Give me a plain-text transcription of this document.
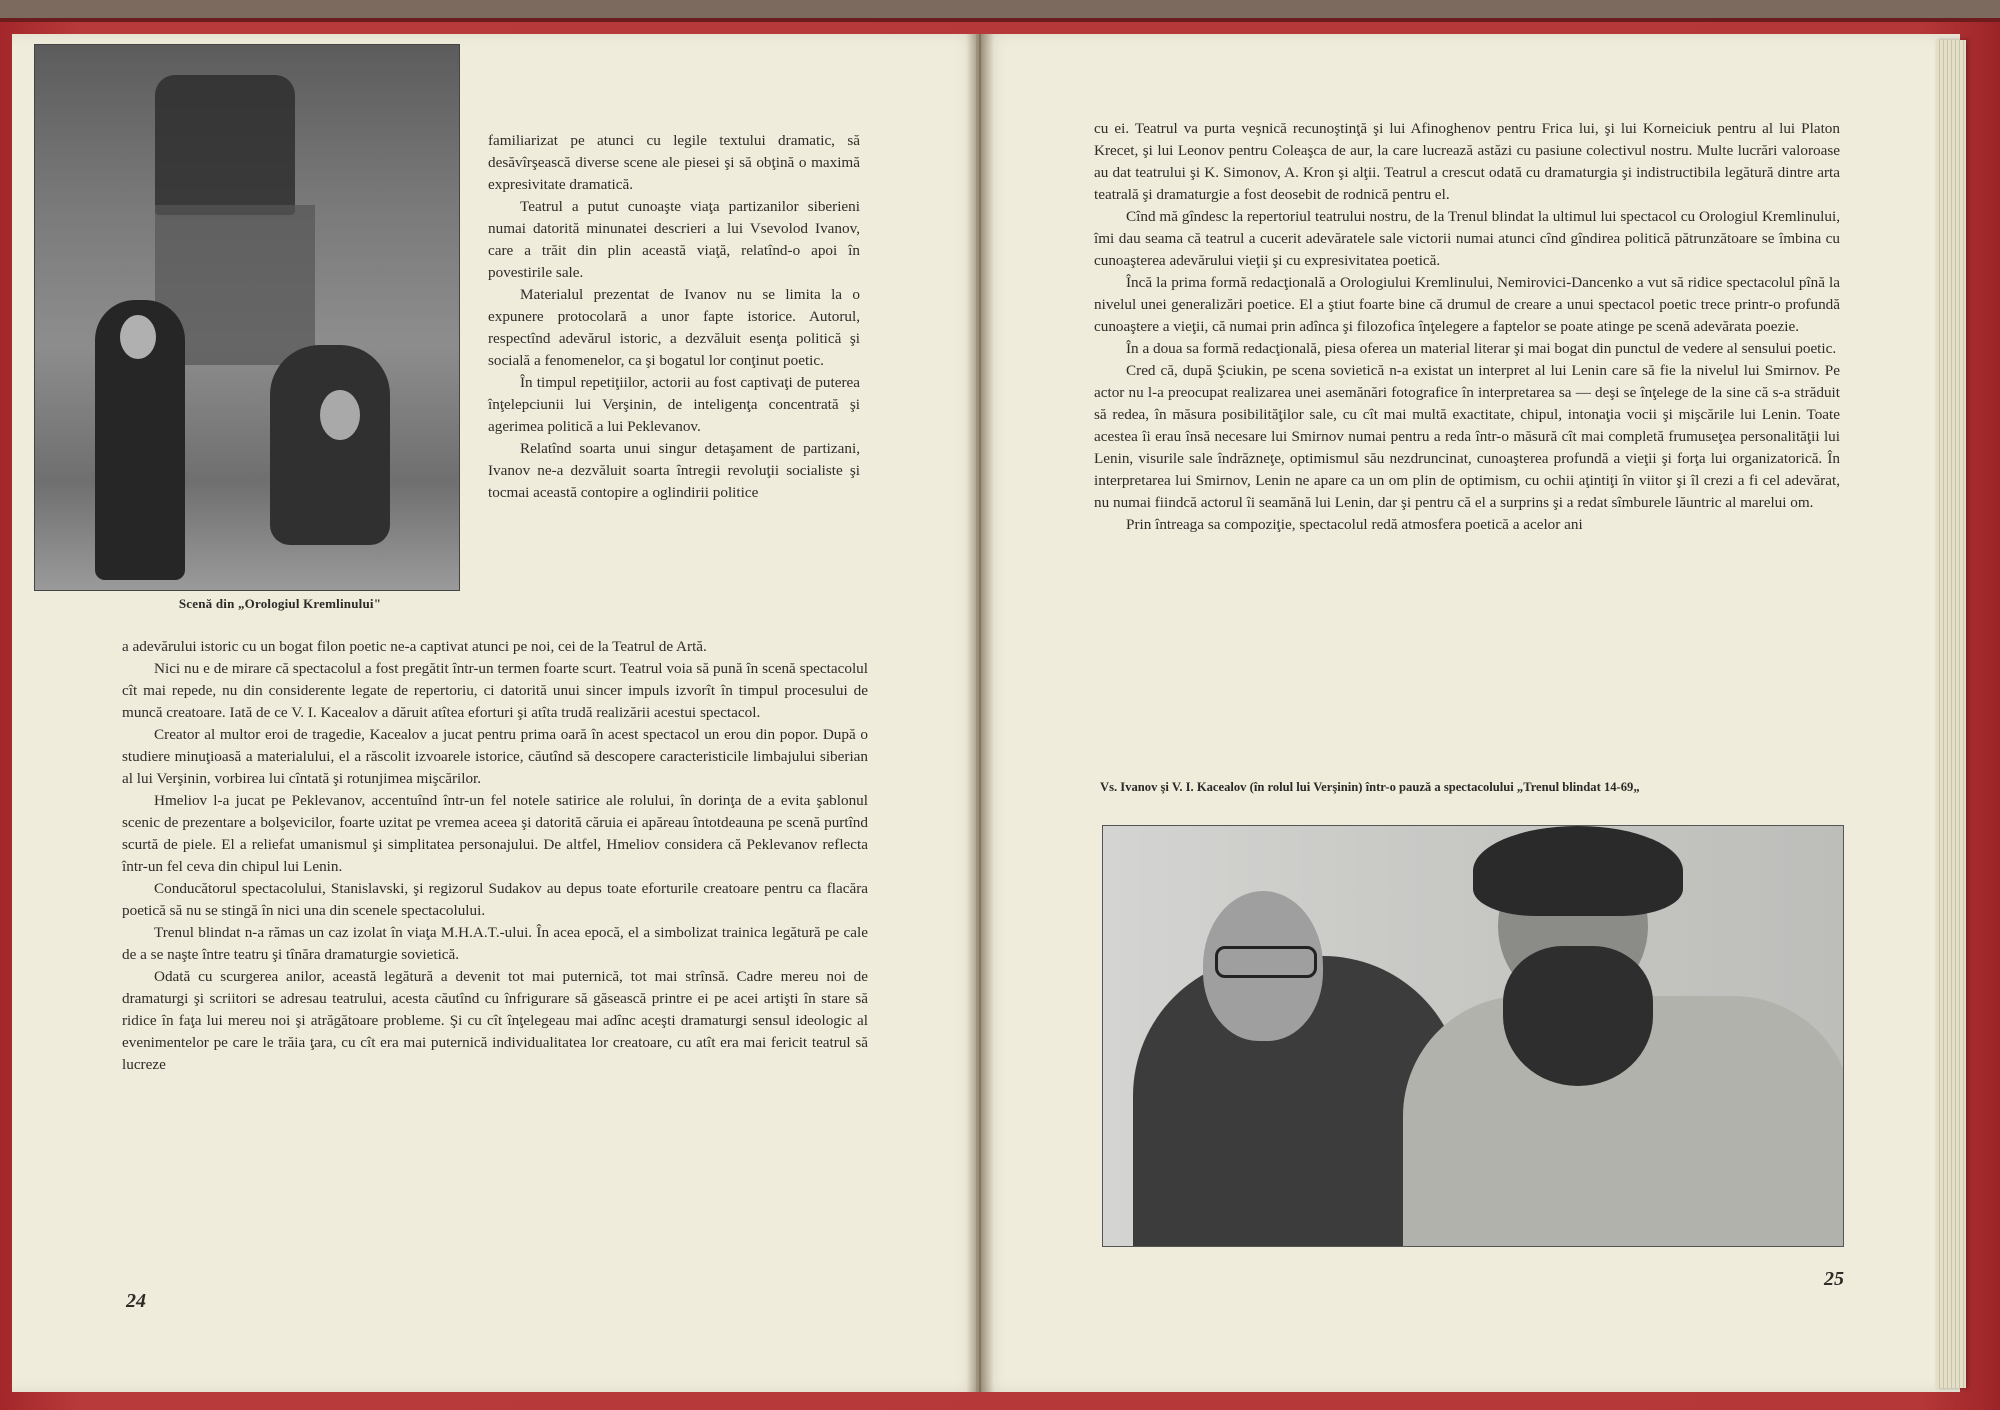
Scenă din „Orologiul Kremlinului"

familiarizat pe atunci cu legile textului dramatic, să desăvîrşească diverse scene ale piesei şi să obţină o maximă expresivitate dramatică.

Teatrul a putut cunoaşte viaţa partizanilor siberieni numai datorită minunatei descrieri a lui Vsevolod Ivanov, care a trăit din plin această viaţă, relatînd-o apoi în povestirile sale.

Materialul prezentat de Ivanov nu se limita la o expunere protocolară a unor fapte istorice. Autorul, respectînd adevărul istoric, a dezvăluit esenţa politică şi socială a fenomenelor, ca şi bogatul lor conţinut poetic.

În timpul repetiţiilor, actorii au fost captivaţi de puterea înţelepciunii lui Verşinin, de inteligenţa concentrată şi agerimea politică a lui Peklevanov.

Relatînd soarta unui singur detaşament de partizani, Ivanov ne-a dezvăluit soarta întregii revoluţii socialiste şi tocmai această contopire a oglindirii politice

a adevărului istoric cu un bogat filon poetic ne-a captivat atunci pe noi, cei de la Teatrul de Artă.

Nici nu e de mirare că spectacolul a fost pregătit într-un termen foarte scurt. Teatrul voia să pună în scenă spectacolul cît mai repede, nu din considerente legate de repertoriu, ci datorită unui sincer impuls izvorît în timpul procesului de muncă creatoare. Iată de ce V. I. Kacealov a dăruit atîtea eforturi şi atîta trudă realizării acestui spectacol.

Creator al multor eroi de tragedie, Kacealov a jucat pentru prima oară în acest spectacol un erou din popor. După o studiere minuţioasă a materialului, el a răscolit izvoarele istorice, căutînd să descopere caracteristicile limbajului siberian al lui Verşinin, vorbirea lui cîntată şi rotunjimea mişcărilor.

Hmeliov l-a jucat pe Peklevanov, accentuînd într-un fel notele satirice ale rolului, în dorinţa de a evita şablonul scenic de prezentare a bolşevicilor, foarte uzitat pe vremea aceea şi datorită căruia ei apăreau întotdeauna pe scenă purtînd scurtă de piele. El a reliefat umanismul şi simplitatea personajului. De altfel, Hmeliov considera că Peklevanov reflecta într-un fel ceva din chipul lui Lenin.

Conducătorul spectacolului, Stanislavski, şi regizorul Sudakov au depus toate eforturile creatoare pentru ca flacăra poetică să nu se stingă în nici una din scenele spectacolului.

Trenul blindat n-a rămas un caz izolat în viaţa M.H.A.T.-ului. În acea epocă, el a simbolizat trainica legătură pe cale de a se naşte între teatru şi tînăra dramaturgie sovietică.

Odată cu scurgerea anilor, această legătură a devenit tot mai puternică, tot mai strînsă. Cadre mereu noi de dramaturgi şi scriitori se adresau teatrului, acesta căutînd cu înfrigurare să găsească printre ei pe acei artişti în stare să ridice în faţa lui mereu noi şi atrăgătoare probleme. Şi cu cît înţelegeau mai adînc aceşti dramaturgi sensul ideologic al evenimentelor pe care le trăia ţara, cu cît era mai puternică individualitatea lor creatoare, cu atît era mai fericit teatrul să lucreze

24

cu ei. Teatrul va purta veşnică recunoştinţă şi lui Afinoghenov pentru Frica lui, şi lui Korneiciuk pentru al lui Platon Krecet, şi lui Leonov pentru Coleaşca de aur, la care lucrează astăzi cu pasiune colectivul nostru. Multe lucrări valoroase au dat teatrului şi K. Simonov, A. Kron şi alţii. Teatrul a crescut odată cu dramaturgia şi indistructibila legătură dintre arta teatrală şi dramaturgie a fost deosebit de rodnică pentru el.

Cînd mă gîndesc la repertoriul teatrului nostru, de la Trenul blindat la ultimul lui spectacol cu Orologiul Kremlinului, îmi dau seama că teatrul a cucerit adevăratele sale victorii numai atunci cînd gîndirea politică pătrunzătoare se îmbina cu cunoaşterea adevărului vieţii şi cu expresivitatea poetică.

Încă la prima formă redacţională a Orologiului Kremlinului, Nemirovici-Dancenko a vut să ridice spectacolul pînă la nivelul unei generalizări poetice. El a ştiut foarte bine că drumul de creare a unui spectacol poetic trece printr-o profundă cunoaştere a vieţii, că numai prin adînca şi filozofica înţelegere a faptelor se poate atinge pe scenă adevărata poezie.

În a doua sa formă redacţională, piesa oferea un material literar şi mai bogat din punctul de vedere al sensului poetic.

Cred că, după Şciukin, pe scena sovietică n-a existat un interpret al lui Lenin care să fie la nivelul lui Smirnov. Pe actor nu l-a preocupat realizarea unei asemănări fotografice în interpretarea sa — deşi se înţelege de la sine că s-a străduit să redea, în măsura posibilităţilor sale, cu cît mai multă exactitate, chipul, intonaţia vocii şi mişcările lui Lenin. Toate acestea îi erau însă necesare lui Smirnov numai pentru a reda într-o măsură cît mai completă frumuseţea personalităţii lui Lenin, visurile sale îndrăzneţe, optimismul său nezdruncinat, cunoaşterea profundă a vieţii şi forţa lui organizatorică. În interpretarea lui Smirnov, Lenin ne apare ca un om plin de optimism, cu ochii aţintiţi în viitor şi îl crezi a fi cel adevărat, nu numai fiindcă actorul îi seamănă lui Lenin, dar şi pentru că el a surprins şi a redat sîmburele lăuntric al marelui om.

Prin întreaga sa compoziţie, spectacolul redă atmosfera poetică a acelor ani

Vs. Ivanov şi V. I. Kacealov (în rolul lui Verşinin) într-o pauză a spectacolului „Trenul blindat 14-69„
25
